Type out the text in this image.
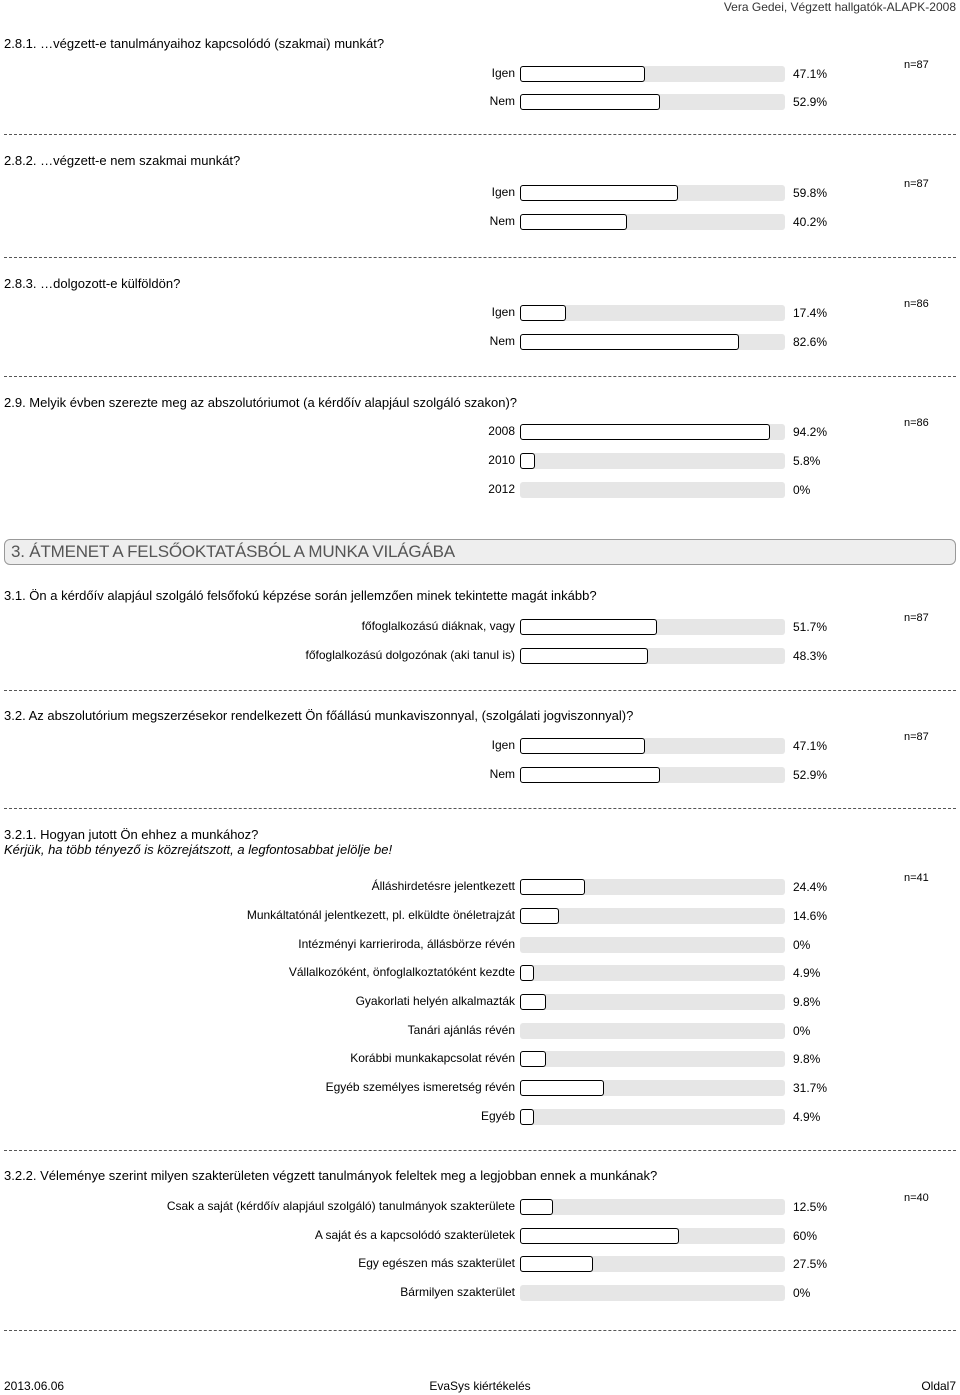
Vera Gedei, Végzett hallgatók-ALAPK-2008
2.8.1. …végzett-e tanulmányaihoz kapcsolódó (szakmai) munkát?
n=87
Igen	47.1%
Nem	52.9%
2.8.2. …végzett-e nem szakmai munkát?
n=87
Igen	59.8%
Nem	40.2%
2.8.3. …dolgozott-e külföldön?
n=86
Igen	17.4%
Nem	82.6%
2.9. Melyik évben szerezte meg az abszolutóriumot (a kérdőív alapjául szolgáló szakon)?
n=86
2008	94.2%
2010	5.8%
2012	0%
3.1. Ön a kérdőív alapjául szolgáló felsőfokú képzése során jellemzően minek tekintette magát inkább?
n=87
főfoglalkozású diáknak, vagy	51.7%
főfoglalkozású dolgozónak (aki tanul is)	48.3%
3.2. Az abszolutórium megszerzésekor rendelkezett Ön főállású munkaviszonnyal, (szolgálati jogviszonnyal)?
n=87
Igen	47.1%
Nem	52.9%
3.2.1. Hogyan jutott Ön ehhez a munkához?
Kérjük, ha több tényező is közrejátszott, a legfontosabbat jelölje be!
n=41
Álláshirdetésre jelentkezett	24.4%
Munkáltatónál jelentkezett, pl. elküldte önéletrajzát	14.6%
Intézményi karrieriroda, állásbörze révén	0%
Vállalkozóként, önfoglalkoztatóként kezdte	4.9%
Gyakorlati helyén alkalmazták	9.8%
Tanári ajánlás révén	0%
Korábbi munkakapcsolat révén	9.8%
Egyéb személyes ismeretség révén	31.7%
Egyéb	4.9%
3.2.2. Véleménye szerint milyen szakterületen végzett tanulmányok feleltek meg a legjobban ennek a munkának?
n=40
Csak a saját (kérdőív alapjául szolgáló) tanulmányok szakterülete	12.5%
A saját és a kapcsolódó szakterületek	60%
Egy egészen más szakterület	27.5%
Bármilyen szakterület	0%
3. ÁTMENET A FELSŐOKTATÁSBÓL A MUNKA VILÁGÁBA
2013.06.06	EvaSys kiértékelés	Oldal7
